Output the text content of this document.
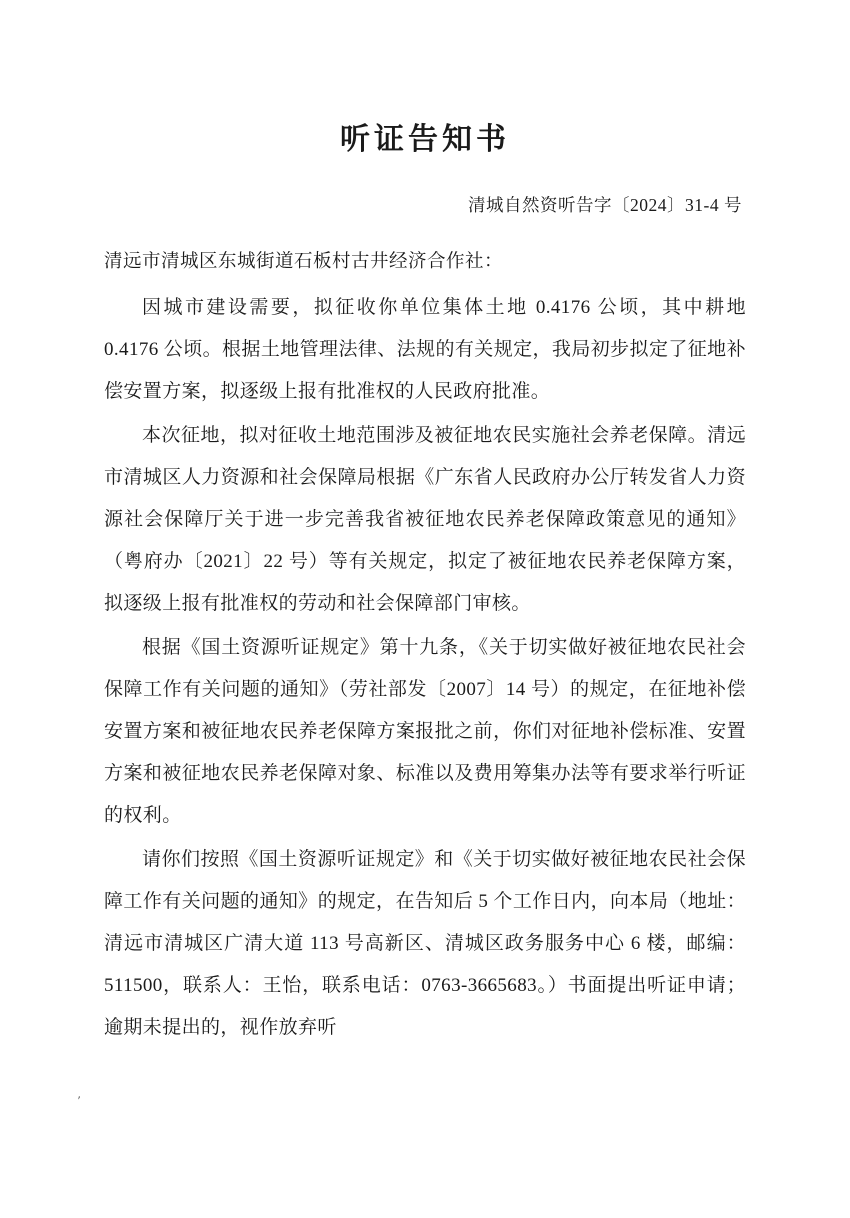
听证告知书
清城自然资听告字〔2024〕31-4 号
清远市清城区东城街道石板村古井经济合作社：

因城市建设需要，拟征收你单位集体土地 0.4176 公顷，其中耕地 0.4176 公顷。根据土地管理法律、法规的有关规定，我局初步拟定了征地补偿安置方案，拟逐级上报有批准权的人民政府批准。

本次征地，拟对征收土地范围涉及被征地农民实施社会养老保障。清远市清城区人力资源和社会保障局根据《广东省人民政府办公厅转发省人力资源社会保障厅关于进一步完善我省被征地农民养老保障政策意见的通知》（粤府办〔2021〕22 号）等有关规定，拟定了被征地农民养老保障方案，拟逐级上报有批准权的劳动和社会保障部门审核。

根据《国土资源听证规定》第十九条，《关于切实做好被征地农民社会保障工作有关问题的通知》（劳社部发〔2007〕14 号）的规定，在征地补偿安置方案和被征地农民养老保障方案报批之前，你们对征地补偿标准、安置方案和被征地农民养老保障对象、标准以及费用筹集办法等有要求举行听证的权利。

请你们按照《国土资源听证规定》和《关于切实做好被征地农民社会保障工作有关问题的通知》的规定，在告知后 5 个工作日内，向本局（地址：清远市清城区广清大道 113 号高新区、清城区政务服务中心 6 楼，邮编：511500，联系人：王怡，联系电话：0763-3665683。）书面提出听证申请；逾期未提出的，视作放弃听

'
